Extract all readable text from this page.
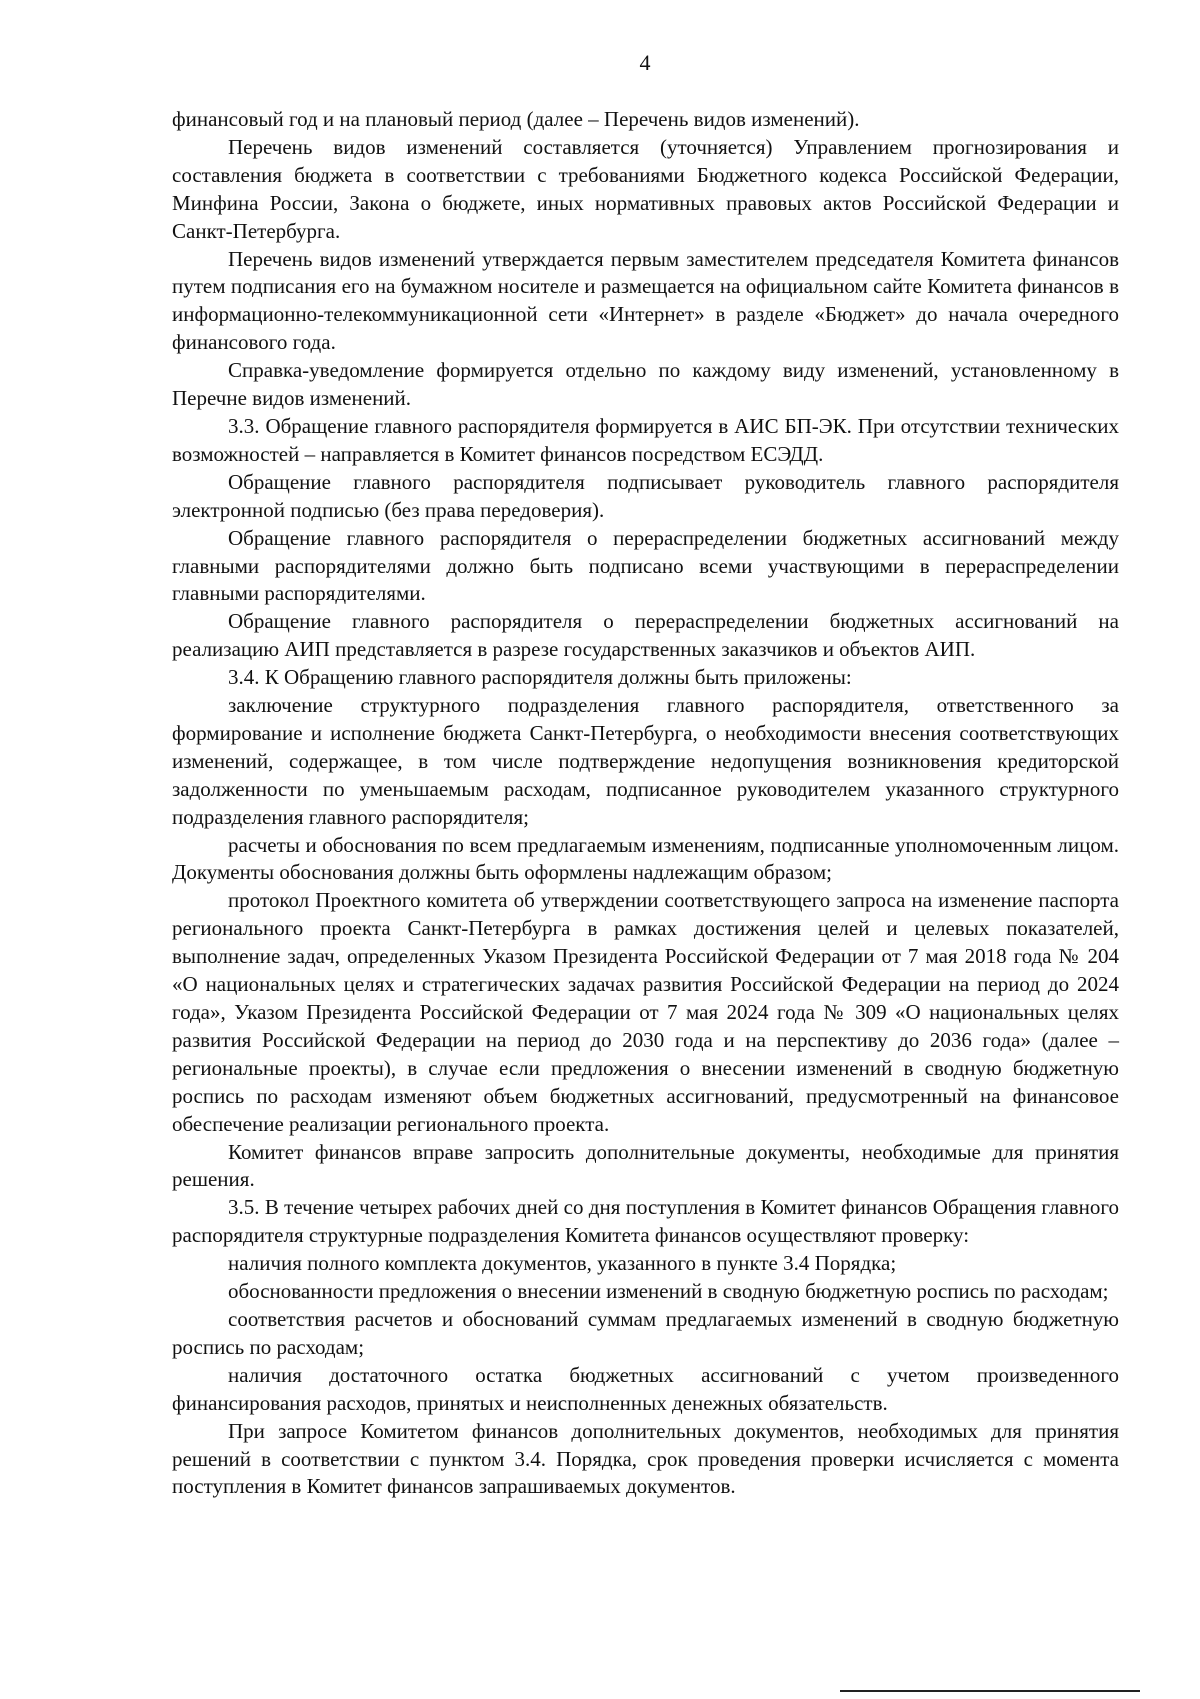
4

финансовый год и на плановый период (далее – Перечень видов изменений).

Перечень видов изменений составляется (уточняется) Управлением прогнозирования и составления бюджета в соответствии с требованиями Бюджетного кодекса Российской Федерации, Минфина России, Закона о бюджете, иных нормативных правовых актов Российской Федерации и Санкт-Петербурга.

Перечень видов изменений утверждается первым заместителем председателя Комитета финансов путем подписания его на бумажном носителе и размещается на официальном сайте Комитета финансов в информационно-телекоммуникационной сети «Интернет» в разделе «Бюджет» до начала очередного финансового года.

Справка-уведомление формируется отдельно по каждому виду изменений, установленному в Перечне видов изменений.

3.3. Обращение главного распорядителя формируется в АИС БП-ЭК. При отсутствии технических возможностей – направляется в Комитет финансов посредством ЕСЭДД.

Обращение главного распорядителя подписывает руководитель главного распорядителя электронной подписью (без права передоверия).

Обращение главного распорядителя о перераспределении бюджетных ассигнований между главными распорядителями должно быть подписано всеми участвующими в перераспределении главными распорядителями.

Обращение главного распорядителя о перераспределении бюджетных ассигнований на реализацию АИП представляется в разрезе государственных заказчиков и объектов АИП.

3.4. К Обращению главного распорядителя должны быть приложены:

заключение структурного подразделения главного распорядителя, ответственного за формирование и исполнение бюджета Санкт-Петербурга, о необходимости внесения соответствующих изменений, содержащее, в том числе подтверждение недопущения возникновения кредиторской задолженности по уменьшаемым расходам, подписанное руководителем указанного структурного подразделения главного распорядителя;

расчеты и обоснования по всем предлагаемым изменениям, подписанные уполномоченным лицом. Документы обоснования должны быть оформлены надлежащим образом;

протокол Проектного комитета об утверждении соответствующего запроса на изменение паспорта регионального проекта Санкт-Петербурга в рамках достижения целей и целевых показателей, выполнение задач, определенных Указом Президента Российской Федерации от 7 мая 2018 года № 204 «О национальных целях и стратегических задачах развития Российской Федерации на период до 2024 года», Указом Президента Российской Федерации от 7 мая 2024 года № 309 «О национальных целях развития Российской Федерации на период до 2030 года и на перспективу до 2036 года» (далее – региональные проекты), в случае если предложения о внесении изменений в сводную бюджетную роспись по расходам изменяют объем бюджетных ассигнований, предусмотренный на финансовое обеспечение реализации регионального проекта.

Комитет финансов вправе запросить дополнительные документы, необходимые для принятия решения.

3.5. В течение четырех рабочих дней со дня поступления в Комитет финансов Обращения главного распорядителя структурные подразделения Комитета финансов осуществляют проверку:

наличия полного комплекта документов, указанного в пункте 3.4 Порядка;

обоснованности предложения о внесении изменений в сводную бюджетную роспись по расходам;

соответствия расчетов и обоснований суммам предлагаемых изменений в сводную бюджетную роспись по расходам;

наличия достаточного остатка бюджетных ассигнований с учетом произведенного финансирования расходов, принятых и неисполненных денежных обязательств.

При запросе Комитетом финансов дополнительных документов, необходимых для принятия решений в соответствии с пунктом 3.4. Порядка, срок проведения проверки исчисляется с момента поступления в Комитет финансов запрашиваемых документов.
